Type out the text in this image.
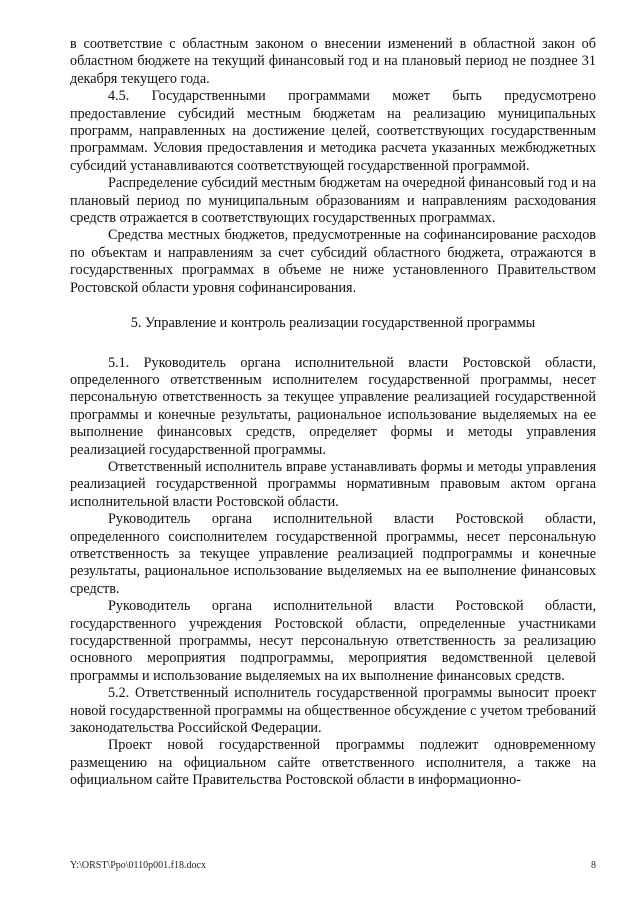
в соответствие с областным законом о внесении изменений в областной закон об областном бюджете на текущий финансовый год и на плановый период не позднее 31 декабря текущего года.

4.5. Государственными программами может быть предусмотрено предоставление субсидий местным бюджетам на реализацию муниципальных программ, направленных на достижение целей, соответствующих государственным программам. Условия предоставления и методика расчета указанных межбюджетных субсидий устанавливаются соответствующей государственной программой.

Распределение субсидий местным бюджетам на очередной финансовый год и на плановый период по муниципальным образованиям и направлениям расходования средств отражается в соответствующих государственных программах.

Средства местных бюджетов, предусмотренные на софинансирование расходов по объектам и направлениям за счет субсидий областного бюджета, отражаются в государственных программах в объеме не ниже установленного Правительством Ростовской области уровня софинансирования.

5. Управление и контроль реализации государственной программы

5.1. Руководитель органа исполнительной власти Ростовской области, определенного ответственным исполнителем государственной программы, несет персональную ответственность за текущее управление реализацией государственной программы и конечные результаты, рациональное использование выделяемых на ее выполнение финансовых средств, определяет формы и методы управления реализацией государственной программы.

Ответственный исполнитель вправе устанавливать формы и методы управления реализацией государственной программы нормативным правовым актом органа исполнительной власти Ростовской области.

Руководитель органа исполнительной власти Ростовской области, определенного соисполнителем государственной программы, несет персональную ответственность за текущее управление реализацией подпрограммы и конечные результаты, рациональное использование выделяемых на ее выполнение финансовых средств.

Руководитель органа исполнительной власти Ростовской области, государственного учреждения Ростовской области, определенные участниками государственной программы, несут персональную ответственность за реализацию основного мероприятия подпрограммы, мероприятия ведомственной целевой программы и использование выделяемых на их выполнение финансовых средств.

5.2. Ответственный исполнитель государственной программы выносит проект новой государственной программы на общественное обсуждение с учетом требований законодательства Российской Федерации.

Проект новой государственной программы подлежит одновременному размещению на официальном сайте ответственного исполнителя, а также на официальном сайте Правительства Ростовской области в информационно-

Y:\ORST\Ppo\0110p001.f18.docx	8
